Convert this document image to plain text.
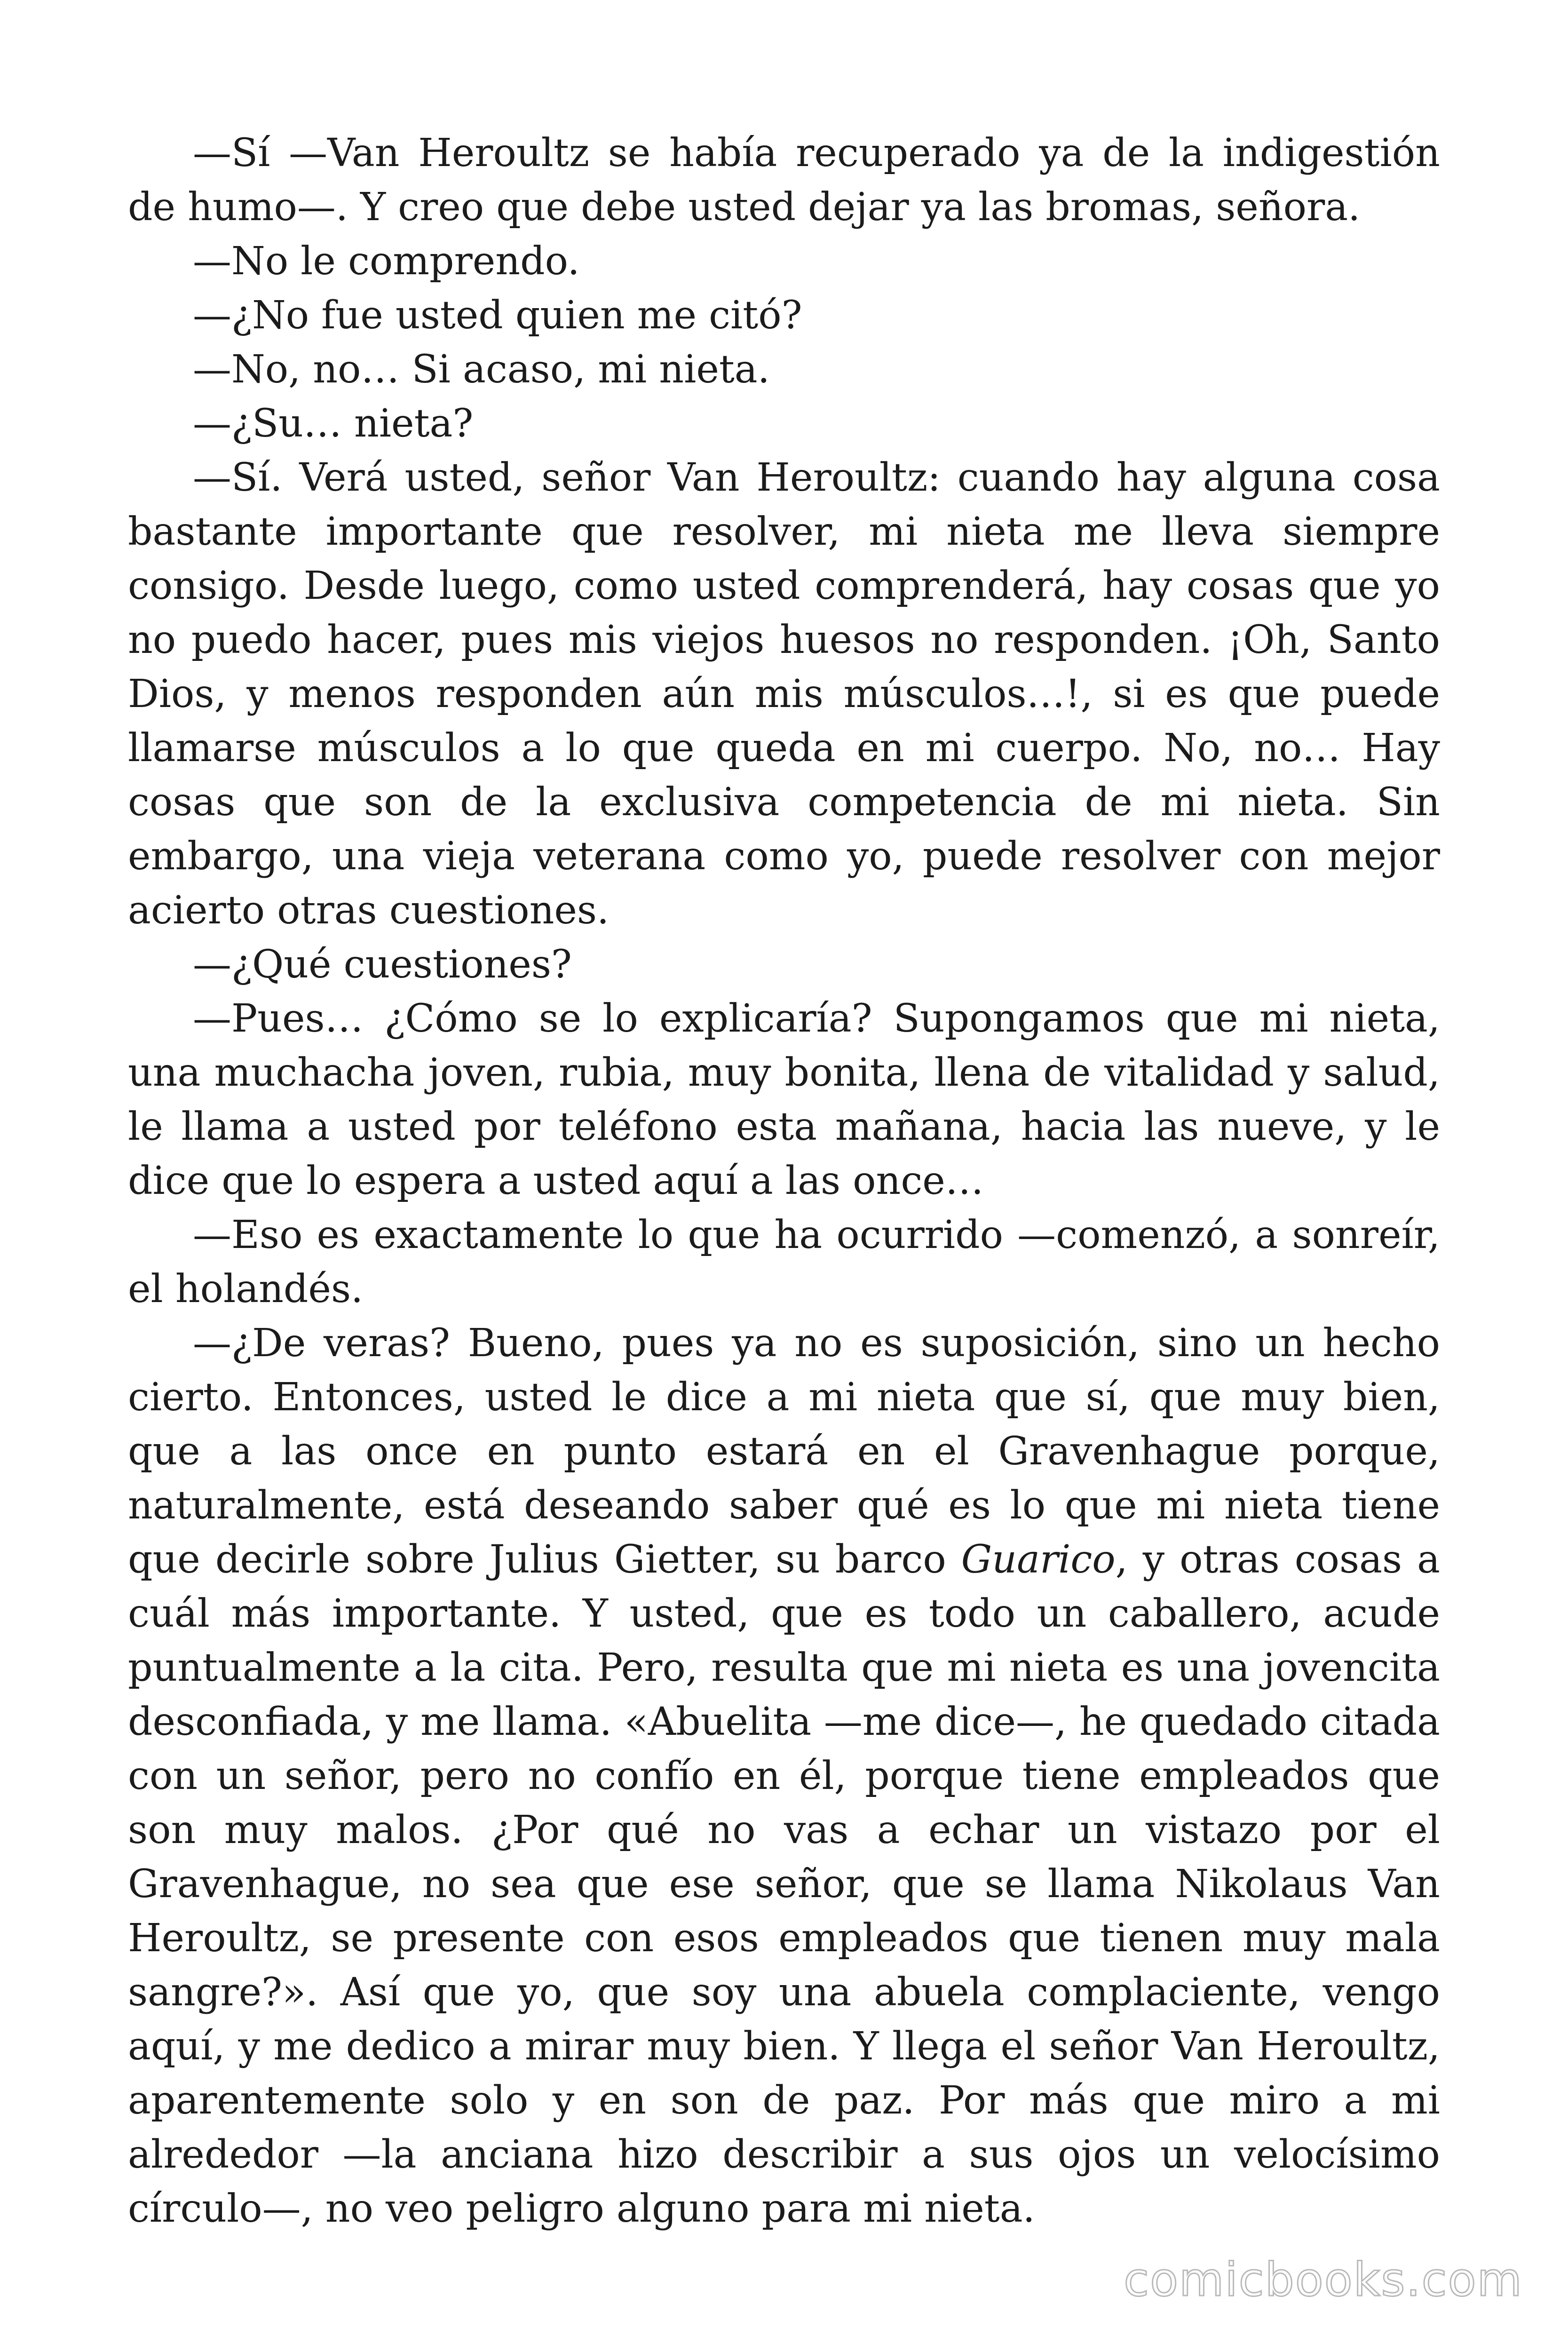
—Sí —Van Heroultz se había recuperado ya de la indigestión de humo—. Y creo que debe usted dejar ya las bromas, señora.

—No le comprendo.

—¿No fue usted quien me citó?

—No, no… Si acaso, mi nieta.

—¿Su… nieta?

—Sí. Verá usted, señor Van Heroultz: cuando hay alguna cosa bastante importante que resolver, mi nieta me lleva siempre consigo. Desde luego, como usted comprenderá, hay cosas que yo no puedo hacer, pues mis viejos huesos no responden. ¡Oh, Santo Dios, y menos responden aún mis músculos…!, si es que puede llamarse músculos a lo que queda en mi cuerpo. No, no… Hay cosas que son de la exclusiva competencia de mi nieta. Sin embargo, una vieja veterana como yo, puede resolver con mejor acierto otras cuestiones.

—¿Qué cuestiones?

—Pues… ¿Cómo se lo explicaría? Supongamos que mi nieta, una muchacha joven, rubia, muy bonita, llena de vitalidad y salud, le llama a usted por teléfono esta mañana, hacia las nueve, y le dice que lo espera a usted aquí a las once…

—Eso es exactamente lo que ha ocurrido —comenzó, a sonreír, el holandés.

—¿De veras? Bueno, pues ya no es suposición, sino un hecho cierto. Entonces, usted le dice a mi nieta que sí, que muy bien, que a las once en punto estará en el Gravenhague porque, naturalmente, está deseando saber qué es lo que mi nieta tiene que decirle sobre Julius Gietter, su barco Guarico, y otras cosas a cuál más importante. Y usted, que es todo un caballero, acude puntualmente a la cita. Pero, resulta que mi nieta es una jovencita desconfiada, y me llama. «Abuelita —me dice—, he quedado citada con un señor, pero no confío en él, porque tiene empleados que son muy malos. ¿Por qué no vas a echar un vistazo por el Gravenhague, no sea que ese señor, que se llama Nikolaus Van Heroultz, se presente con esos empleados que tienen muy mala sangre?». Así que yo, que soy una abuela complaciente, vengo aquí, y me dedico a mirar muy bien. Y llega el señor Van Heroultz, aparentemente solo y en son de paz. Por más que miro a mi alrededor —la anciana hizo describir a sus ojos un velocísimo círculo—, no veo peligro alguno para mi nieta.

comicbooks.com
